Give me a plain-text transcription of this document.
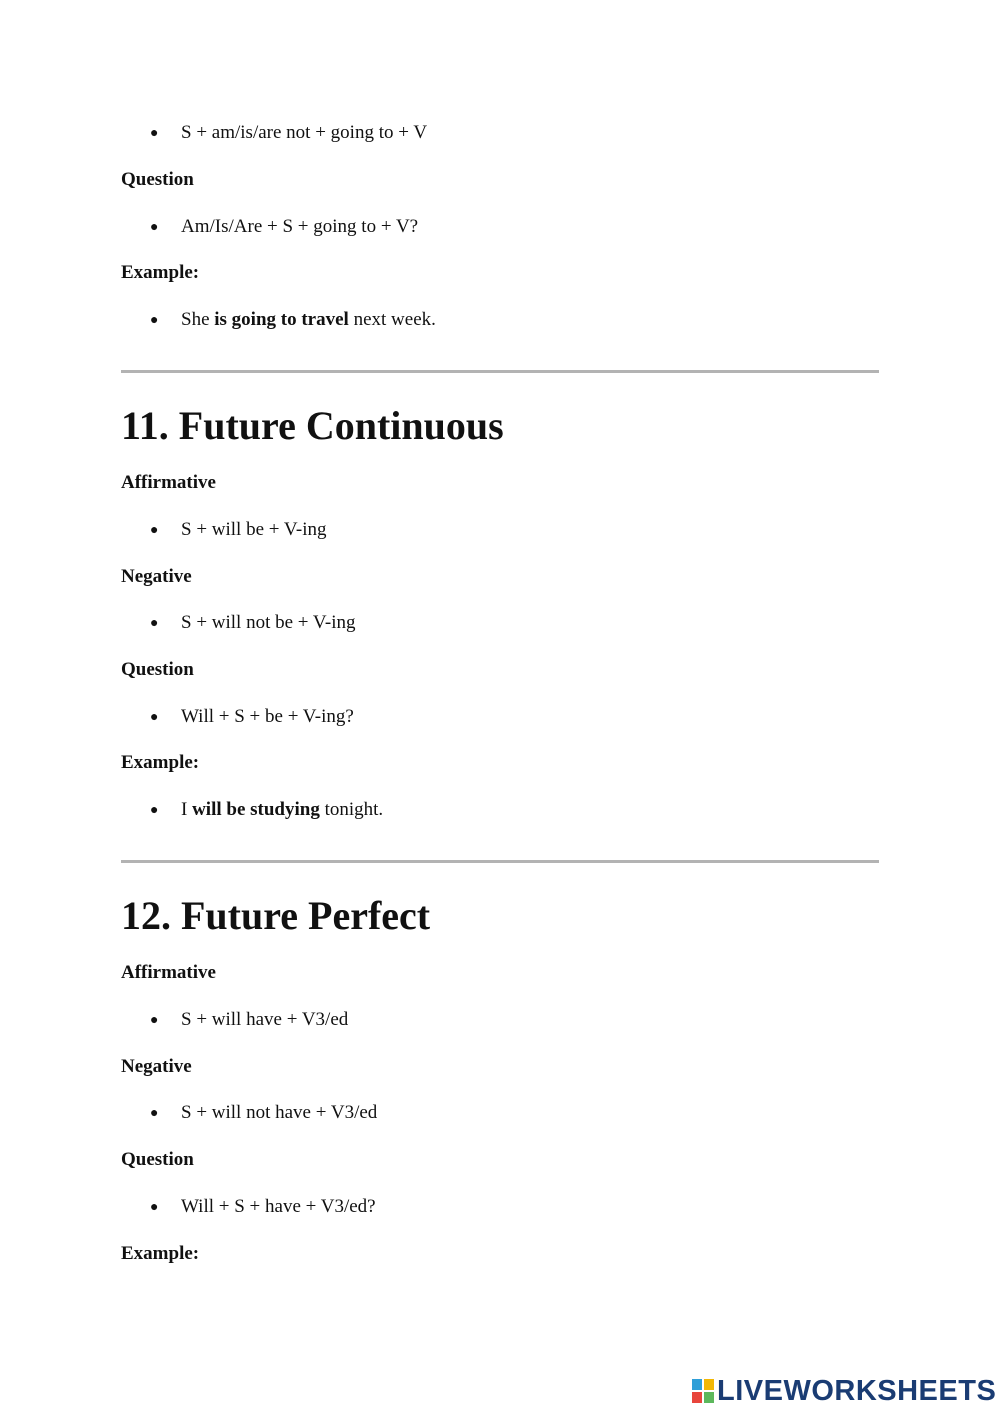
● S + am/is/are not + going to + V
Question
● Am/Is/Are + S + going to + V?
Example:
● She is going to travel next week.
11. Future Continuous
Affirmative
● S + will be + V-ing
Negative
● S + will not be + V-ing
Question
● Will + S + be + V-ing?
Example:
● I will be studying tonight.
12. Future Perfect
Affirmative
● S + will have + V3/ed
Negative
● S + will not have + V3/ed
Question
● Will + S + have + V3/ed?
Example:
LIVEWORKSHEETS
